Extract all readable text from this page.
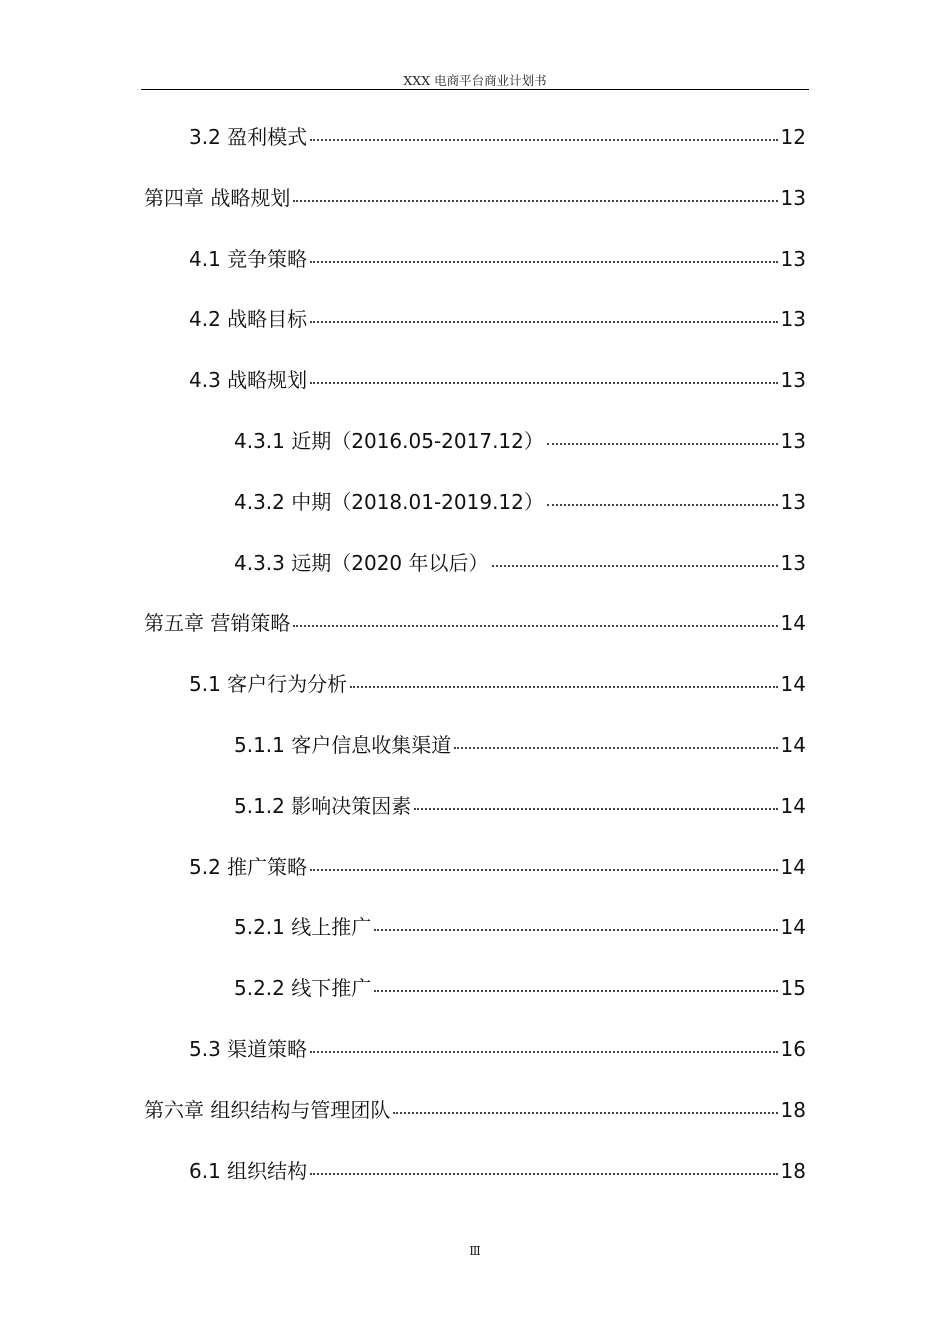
XXX 电商平台商业计划书
3.2 盈利模式	12
第四章 战略规划	13
4.1 竞争策略	13
4.2 战略目标	13
4.3 战略规划	13
4.3.1 近期（2016.05-2017.12）	13
4.3.2 中期（2018.01-2019.12）	13
4.3.3 远期（2020 年以后）	13
第五章 营销策略	14
5.1 客户行为分析	14
5.1.1 客户信息收集渠道	14
5.1.2 影响决策因素	14
5.2 推广策略	14
5.2.1 线上推广	14
5.2.2 线下推广	15
5.3 渠道策略	16
第六章 组织结构与管理团队	18
6.1 组织结构	18
Ⅲ
